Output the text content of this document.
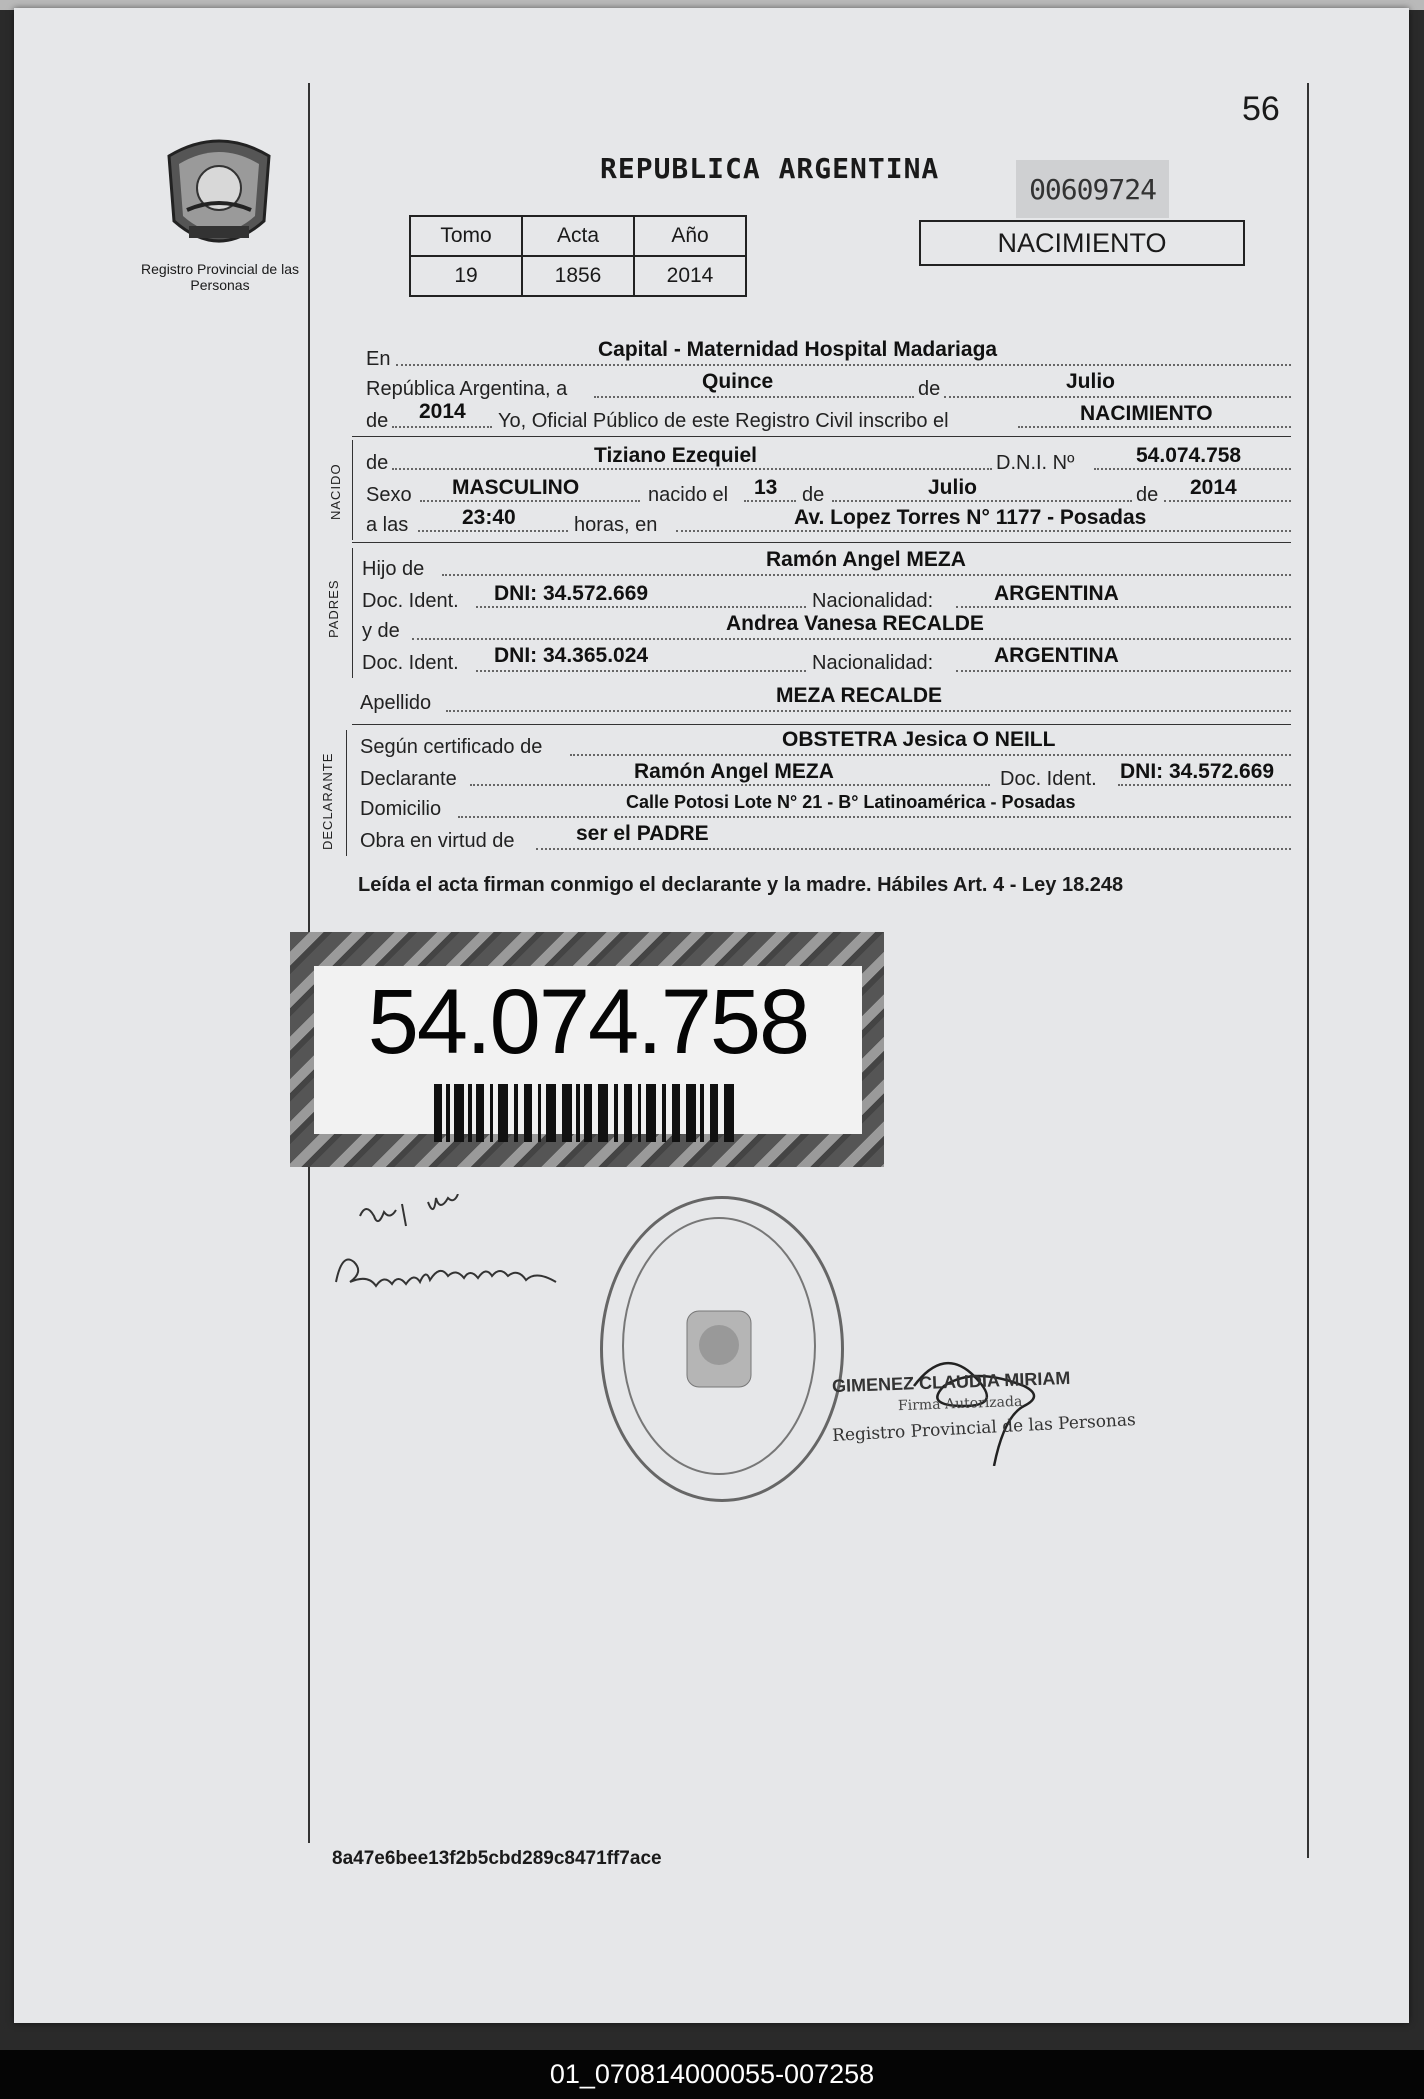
56
Registro Provincial de las Personas
REPUBLICA ARGENTINA
00609724
Tomo	Acta	Año
19	1856	2014
NACIMIENTO
En	Capital - Maternidad Hospital Madariaga
República Argentina, a	Quince	de	Julio
de 2014 Yo, Oficial Público de este Registro Civil inscribo el	NACIMIENTO
NACIDO
de	Tiziano Ezequiel	D.N.I. Nº	54.074.758
Sexo MASCULINO	nacido el 13 de	Julio	de 2014
a las	23:40	horas, en	Av. Lopez Torres N° 1177 - Posadas
PADRES
Hijo de	Ramón Angel MEZA
Doc. Ident. DNI: 34.572.669	Nacionalidad:	ARGENTINA
y de	Andrea Vanesa RECALDE
Doc. Ident. DNI: 34.365.024	Nacionalidad:	ARGENTINA
Apellido	MEZA RECALDE
DECLARANTE
Según certificado de	OBSTETRA Jesica O NEILL
Declarante	Ramón Angel MEZA	Doc. Ident. DNI: 34.572.669
Domicilio	Calle Potosi Lote N° 21 - B° Latinoamérica - Posadas
Obra en virtud de	ser el PADRE
Leída el acta firman conmigo el declarante y la madre. Hábiles Art. 4 - Ley 18.248
54.074.758
GIMENEZ CLAUDIA MIRIAM
Firma Autorizada
Registro Provincial de las Personas
8a47e6bee13f2b5cbd289c8471ff7ace
01_070814000055-007258
